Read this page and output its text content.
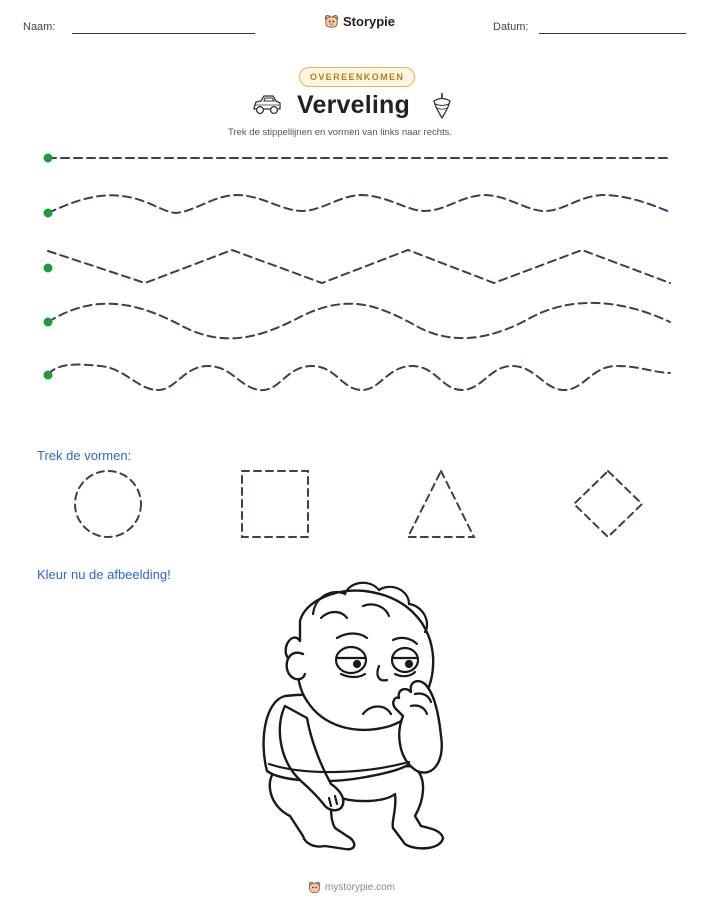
Naam:	Storypie	Datum:
OVEREENKOMEN
Verveling
Trek de stippellijnen en vormen van links naar rechts.
Trek de vormen:
Kleur nu de afbeelding!
mystorypie.com
